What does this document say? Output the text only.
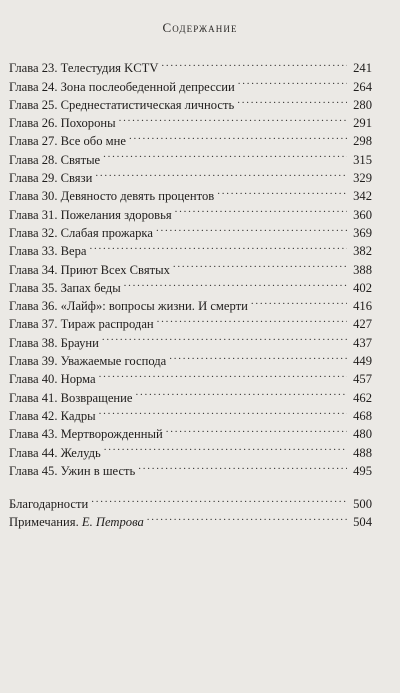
Содержание
Глава 23. Телестудия KCTV . . .	241
Глава 24. Зона послеобеденной депрессии . . .	264
Глава 25. Среднестатистическая личность . . .	280
Глава 26. Похороны . . .	291
Глава 27. Все обо мне . . .	298
Глава 28. Святые . . .	315
Глава 29. Связи . . .	329
Глава 30. Девяносто девять процентов . . .	342
Глава 31. Пожелания здоровья . . .	360
Глава 32. Слабая прожарка . . .	369
Глава 33. Вера . . .	382
Глава 34. Приют Всех Святых . . .	388
Глава 35. Запах беды . . .	402
Глава 36. «Лайф»: вопросы жизни. И смерти . . .	416
Глава 37. Тираж распродан . . .	427
Глава 38. Брауни . . .	437
Глава 39. Уважаемые господа . . .	449
Глава 40. Норма . . .	457
Глава 41. Возвращение . . .	462
Глава 42. Кадры . . .	468
Глава 43. Мертворожденный . . .	480
Глава 44. Желудь . . .	488
Глава 45. Ужин в шесть . . .	495
Благодарности . . .	500
Примечания. Е. Петрова . . .	504
